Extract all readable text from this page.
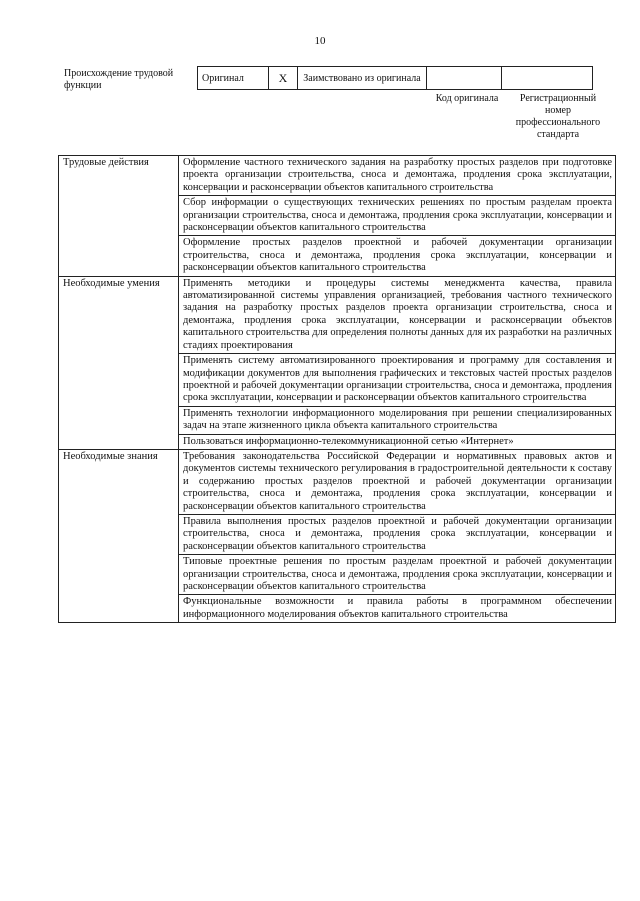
10
Происхождение трудовой функции
Оригинал	X	Заимствовано из оригинала		
Код оригинала	Регистрационный номер профессионального стандарта
Трудовые действия	Оформление частного технического задания на разработку простых разделов при подготовке проекта организации строительства, сноса и демонтажа, продления срока эксплуатации, консервации и расконсервации объектов капитального строительства
	Сбор информации о существующих технических решениях по простым разделам проекта организации строительства, сноса и демонтажа, продления срока эксплуатации, консервации и расконсервации объектов капитального строительства
	Оформление простых разделов проектной и рабочей документации организации строительства, сноса и демонтажа, продления срока эксплуатации, консервации и расконсервации объектов капитального строительства
Необходимые умения	Применять методики и процедуры системы менеджмента качества, правила автоматизированной системы управления организацией, требования частного технического задания на разработку простых разделов проекта организации строительства, сноса и демонтажа, продления срока эксплуатации, консервации и расконсервации объектов капитального строительства для определения полноты данных для их разработки на различных стадиях проектирования
	Применять систему автоматизированного проектирования и программу для составления и модификации документов для выполнения графических и текстовых частей простых разделов проектной и рабочей документации организации строительства, сноса и демонтажа, продления срока эксплуатации, консервации и расконсервации объектов капитального строительства
	Применять технологии информационного моделирования при решении специализированных задач на этапе жизненного цикла объекта капитального строительства
	Пользоваться информационно-телекоммуникационной сетью «Интернет»
Необходимые знания	Требования законодательства Российской Федерации и нормативных правовых актов и документов системы технического регулирования в градостроительной деятельности к составу и содержанию простых разделов проектной и рабочей документации организации строительства, сноса и демонтажа, продления срока эксплуатации, консервации и расконсервации объектов капитального строительства
	Правила выполнения простых разделов проектной и рабочей документации организации строительства, сноса и демонтажа, продления срока эксплуатации, консервации и расконсервации объектов капитального строительства
	Типовые проектные решения по простым разделам проектной и рабочей документации организации строительства, сноса и демонтажа, продления срока эксплуатации, консервации и расконсервации объектов капитального строительства
	Функциональные возможности и правила работы в программном обеспечении информационного моделирования объектов капитального строительства
